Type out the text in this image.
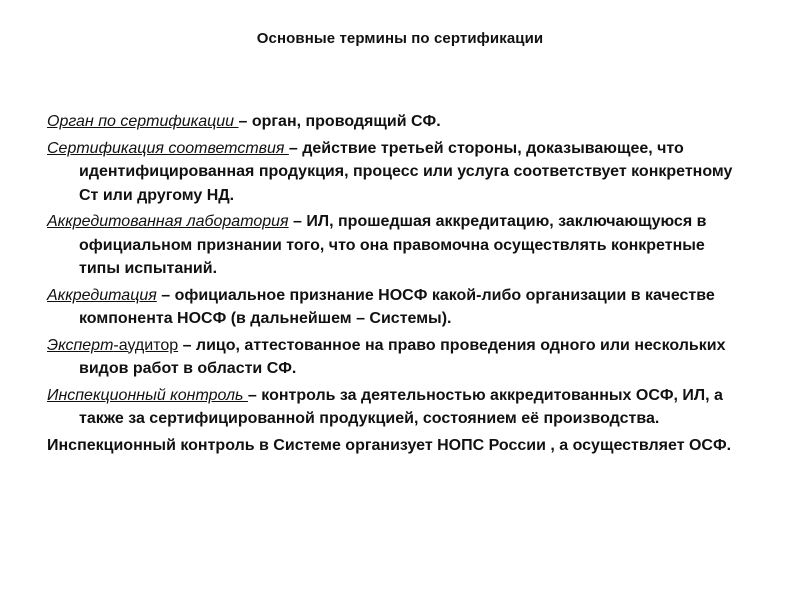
Основные термины по сертификации

Орган по сертификации – орган, проводящий СФ.

Сертификация соответствия – действие третьей стороны, доказывающее, что идентифицированная продукция, процесс или услуга соответствует конкретному Ст или другому НД.

Аккредитованная лаборатория – ИЛ, прошедшая аккредитацию, заключающуюся в официальном признании того, что она правомочна осуществлять конкретные типы испытаний.

Аккредитация – официальное признание НОСФ какой-либо организации в качестве компонента НОСФ (в дальнейшем – Системы).

Эксперт-аудитор – лицо, аттестованное на право проведения одного или нескольких видов работ в области СФ.

Инспекционный контроль – контроль за деятельностью аккредитованных ОСФ, ИЛ, а также за сертифицированной продукцией, состоянием её производства.

Инспекционный контроль в Системе организует НОПС России , а осуществляет ОСФ.
